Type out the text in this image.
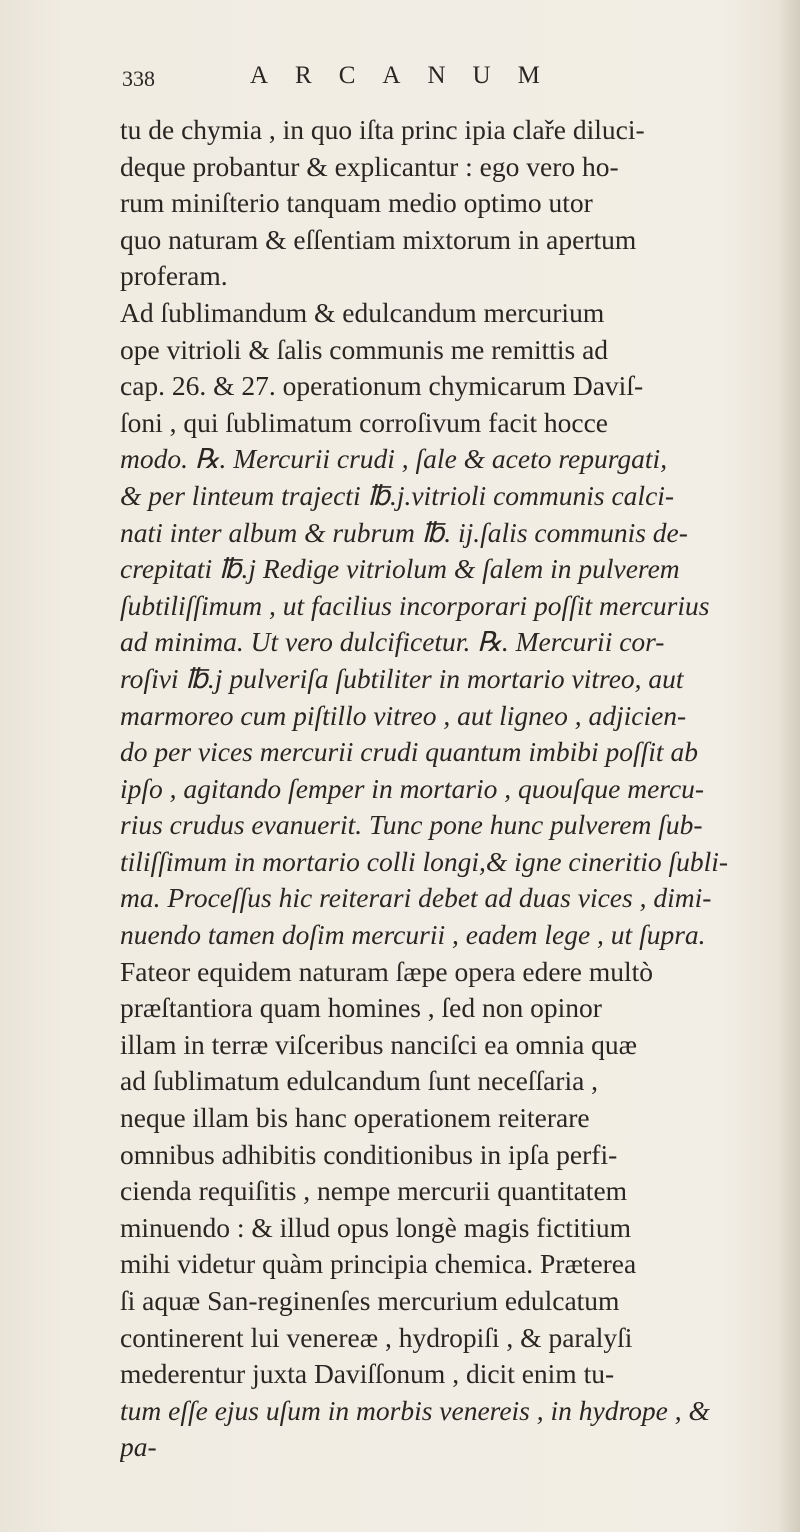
338	ARCANUM
tu de chymia , in quo iſta princ ipia claře diluci-
deque probantur & explicantur : ego vero ho-
rum miniſterio tanquam medio optimo utor
quo naturam & eſſentiam mixtorum in apertum
proferam.
Ad ſublimandum & edulcandum mercurium
ope vitrioli & ſalis communis me remittis ad
cap. 26. & 27. operationum chymicarum Daviſ-
ſoni , qui ſublimatum corroſivum facit hocce
modo. ℞. Mercurii crudi , ſale & aceto repurgati,
& per linteum trajecti ℔.j.vitrioli communis calci-
nati inter album & rubrum ℔. ij.ſalis communis de-
crepitati ℔.j Redige vitriolum & ſalem in pulverem
ſubtiliſſimum , ut facilius incorporari poſſit mercurius
ad minima. Ut vero dulcificetur. ℞. Mercurii cor-
roſivi ℔.j pulveriſa ſubtiliter in mortario vitreo, aut
marmoreo cum piſtillo vitreo , aut ligneo , adjicien-
do per vices mercurii crudi quantum imbibi poſſit ab
ipſo , agitando ſemper in mortario , quouſque mercu-
rius crudus evanuerit. Tunc pone hunc pulverem ſub-
tiliſſimum in mortario colli longi,& igne cineritio ſubli-
ma. Proceſſus hic reiterari debet ad duas vices , dimi-
nuendo tamen doſim mercurii , eadem lege , ut ſupra.
Fateor equidem naturam ſæpe opera edere multò
præſtantiora quam homines , ſed non opinor
illam in terræ viſceribus nanciſci ea omnia quæ
ad ſublimatum edulcandum ſunt neceſſaria ,
neque illam bis hanc operationem reiterare
omnibus adhibitis conditionibus in ipſa perfi-
cienda requiſitis , nempe mercurii quantitatem
minuendo : & illud opus longè magis fictitium
mihi videtur quàm principia chemica. Præterea
ſi aquæ San-reginenſes mercurium edulcatum
continerent lui venereæ , hydropiſi , & paralyſi
mederentur juxta Daviſſonum , dicit enim tu-
tum eſſe ejus uſum in morbis venereis , in hydrope , &
pa-
